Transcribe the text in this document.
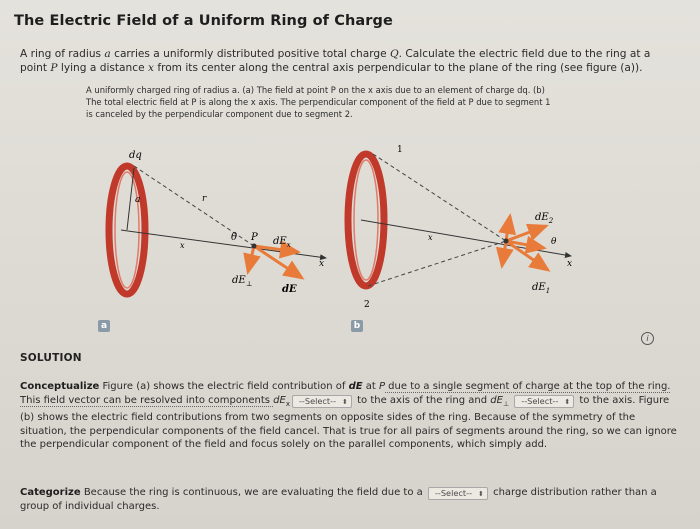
The Electric Field of a Uniform Ring of Charge

A ring of radius a carries a uniformly distributed positive total charge Q. Calculate the electric field due to the ring at a point P lying a distance x from its center along the central axis perpendicular to the plane of the ring (see figure (a)).

A uniformly charged ring of radius a. (a) The field at point P on the x axis due to an element of charge dq. (b)
The total electric field at P is along the x axis. The perpendicular component of the field at P due to segment 1
is canceled by the perpendicular component due to segment 2.
dq
a	r
θ P $dE_x$
$dE_\perp$	dE
x
x
1
2
$dE_2$
θ
$dE_1$
x
x
a	b
i
SOLUTION
Conceptualize Figure (a) shows the electric field contribution of dE at P due to a single segment of charge at the top of the ring. This field vector can be resolved into components $dE_x$ --Select-- ⬍ to the axis of the ring and $dE_\perp$ --Select-- ⬍ to the axis. Figure (b) shows the electric field contributions from two segments on opposite sides of the ring. Because of the symmetry of the situation, the perpendicular components of the field cancel. That is true for all pairs of segments around the ring, so we can ignore the perpendicular component of the field and focus solely on the parallel components, which simply add.
Categorize Because the ring is continuous, we are evaluating the field due to a --Select-- ⬍ charge distribution rather than a group of individual charges.
